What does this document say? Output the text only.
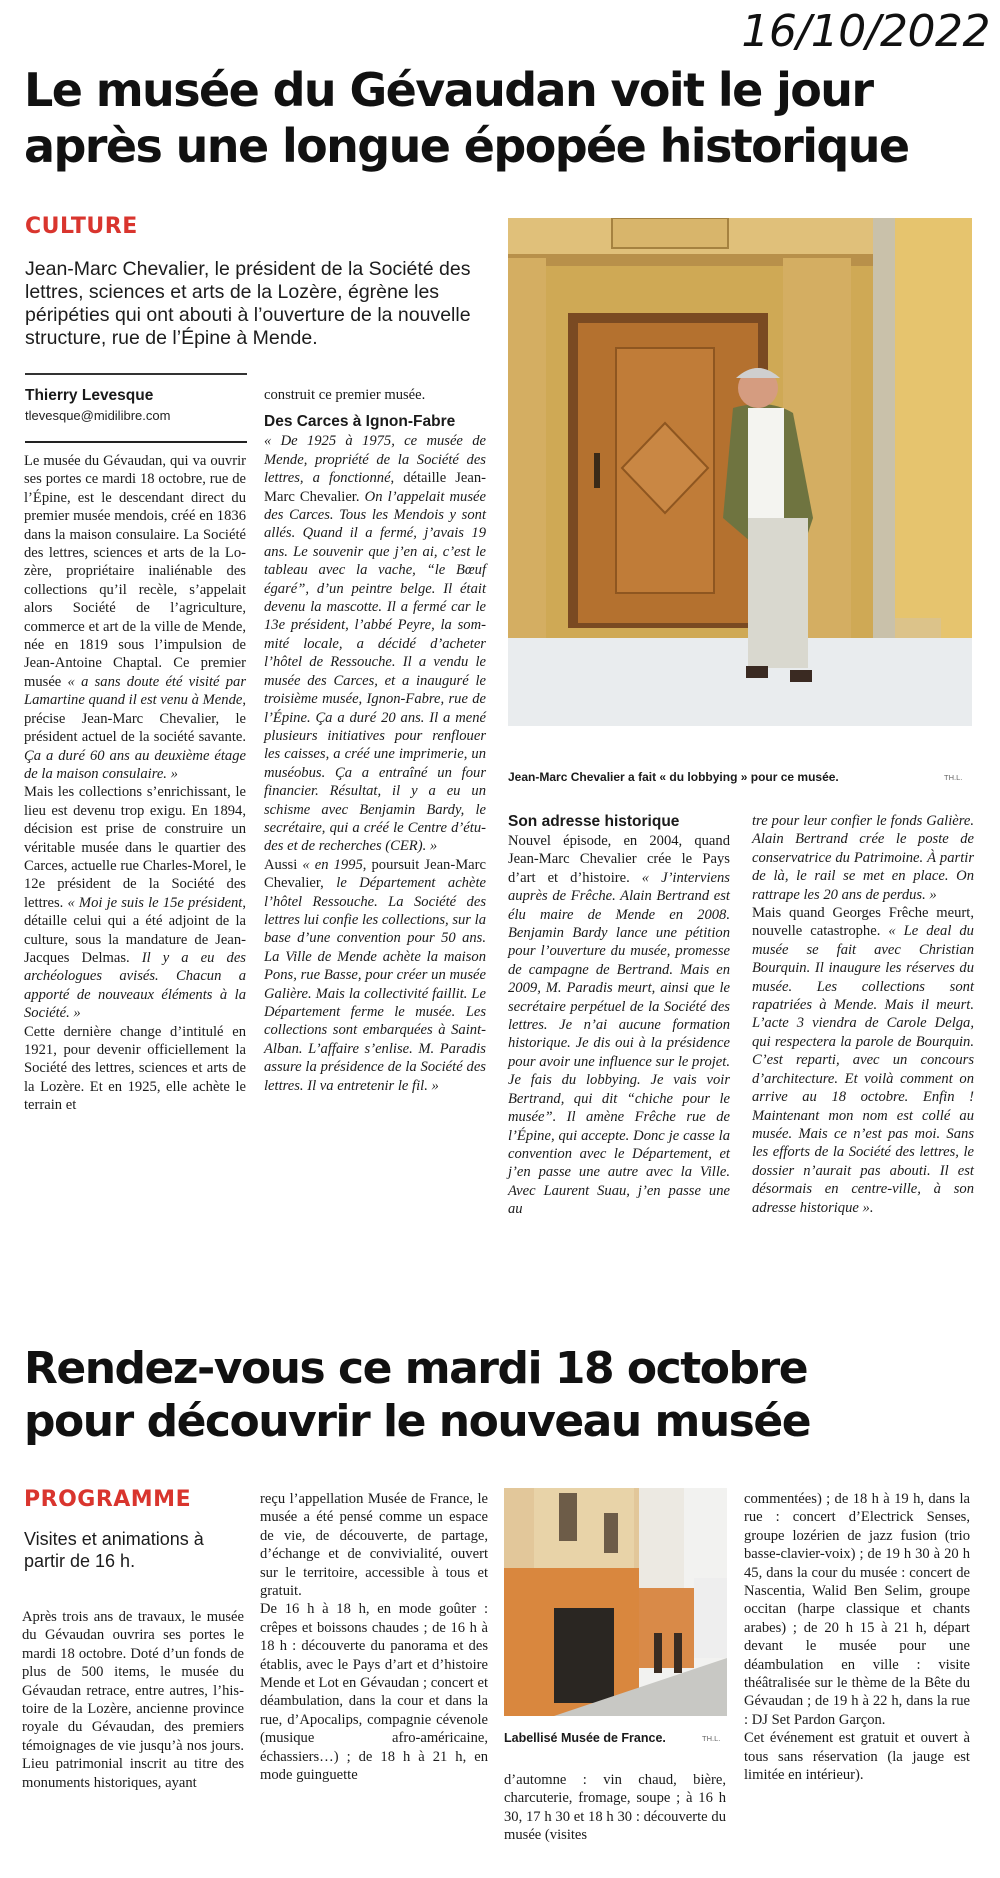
16/10/2022
Le musée du Gévaudan voit le jour
après une longue épopée historique
CULTURE

Jean-Marc Chevalier, le président de la Société des lettres, sciences et arts de la Lozère, égrène les péripéties qui ont abouti à l’ouverture de la nouvelle structure, rue de l’Épine à Mende.

Thierry Levesque
tlevesque@midilibre.com

Le musée du Gévaudan, qui va ouvrir ses portes ce mardi 18 octobre, rue de l’Épine, est le descendant direct du premier musée mendois, créé en 1836 dans la maison consulaire. La Société des lettres, sciences et arts de la Lozère, propriétaire inaliénable des collections qu’il recèle, s’appelait alors Société de l’agriculture, commerce et art de la ville de Mende, née en 1819 sous l’impulsion de Jean-Antoine Chaptal. Ce premier musée « a sans doute été visité par Lamartine quand il est venu à Mende, précise Jean-Marc Chevalier, le président actuel de la société savante. Ça a duré 60 ans au deuxième étage de la maison consulaire. »

Mais les collections s’enrichissant, le lieu est devenu trop exigu. En 1894, décision est prise de construire un véritable musée dans le quartier des Carces, actuelle rue Charles-Morel, le 12e président de la Société des lettres. « Moi je suis le 15e président, détaille celui qui a été adjoint de la culture, sous la mandature de Jean-Jacques Delmas. Il y a eu des archéologues avisés. Chacun a apporté de nouveaux éléments à la Société. »

Cette dernière change d’intitulé en 1921, pour devenir officiellement la Société des lettres, sciences et arts de la Lozère. Et en 1925, elle achète le terrain et

construit ce premier musée.

Des Carces à Ignon-Fabre

« De 1925 à 1975, ce musée de Mende, propriété de la Société des lettres, a fonctionné, détaille Jean-Marc Chevalier. On l’appelait musée des Carces. Tous les Mendois y sont allés. Quand il a fermé, j’avais 19 ans. Le souvenir que j’en ai, c’est le tableau avec la vache, “le Bœuf égaré”, d’un peintre belge. Il était devenu la mascotte. Il a fermé car le 13e président, l’abbé Peyre, la sommité locale, a décidé d’acheter l’hôtel de Ressouche. Il a vendu le musée des Carces, et a inauguré le troisième musée, Ignon-Fabre, rue de l’Épine. Ça a duré 20 ans. Il a mené plusieurs initiatives pour renflouer les caisses, a créé une imprimerie, un muséobus. Ça a entraîné un four financier. Résultat, il y a eu un schisme avec Benjamin Bardy, le secrétaire, qui a créé le Centre d’études et de recherches (CER). »

Aussi « en 1995, poursuit Jean-Marc Chevalier, le Département achète l’hôtel Ressouche. La Société des lettres lui confie les collections, sur la base d’une convention pour 50 ans. La Ville de Mende achète la maison Pons, rue Basse, pour créer un musée Galière. Mais la collectivité faillit. Le Département ferme le musée. Les collections sont embarquées à Saint-Alban. L’affaire s’enlise. M. Paradis assure la présidence de la Société des lettres. Il va entretenir le fil. »

Jean-Marc Chevalier a fait « du lobbying » pour ce musée.	TH.L.
Son adresse historique

Nouvel épisode, en 2004, quand Jean-Marc Chevalier crée le Pays d’art et d’histoire. « J’interviens auprès de Frêche. Alain Bertrand est élu maire de Mende en 2008. Benjamin Bardy lance une pétition pour l’ouverture du musée, promesse de campagne de Bertrand. Mais en 2009, M. Paradis meurt, ainsi que le secrétaire perpétuel de la Société des lettres. Je n’ai aucune formation historique. Je dis oui à la présidence pour avoir une influence sur le projet. Je fais du lobbying. Je vais voir Bertrand, qui dit “chiche pour le musée”. Il amène Frêche rue de l’Épine, qui accepte. Donc je casse la convention avec le Département, et j’en passe une autre avec la Ville. Avec Laurent Suau, j’en passe une au

tre pour leur confier le fonds Galière. Alain Bertrand crée le poste de conservatrice du Patrimoine. À partir de là, le rail se met en place. On rattrape les 20 ans de perdus. »

Mais quand Georges Frêche meurt, nouvelle catastrophe. « Le deal du musée se fait avec Christian Bourquin. Il inaugure les réserves du musée. Les collections sont rapatriées à Mende. Mais il meurt. L’acte 3 viendra de Carole Delga, qui respectera la parole de Bourquin. C’est reparti, avec un concours d’architecture. Et voilà comment on arrive au 18 octobre. Enfin ! Maintenant mon nom est collé au musée. Mais ce n’est pas moi. Sans les efforts de la Société des lettres, le dossier n’aurait pas abouti. Il est désormais en centre-ville, à son adresse historique ».

Rendez-vous ce mardi 18 octobre
pour découvrir le nouveau musée
PROGRAMME

Visites et animations à partir de 16 h.

Après trois ans de travaux, le musée du Gévaudan ouvrira ses portes le mardi 18 octobre. Doté d’un fonds de plus de 500 items, le musée du Gévaudan retrace, entre autres, l’histoire de la Lozère, ancienne province royale du Gévaudan, des premiers témoignages de vie jusqu’à nos jours. Lieu patrimonial inscrit au titre des monuments historiques, ayant

reçu l’appellation Musée de France, le musée a été pensé comme un espace de vie, de découverte, de partage, d’échange et de convivialité, ouvert sur le territoire, accessible à tous et gratuit.

De 16 h à 18 h, en mode goûter : crêpes et boissons chaudes ; de 16 h à 18 h : découverte du panorama et des établis, avec le Pays d’art et d’histoire Mende et Lot en Gévaudan ; concert et déambulation, dans la cour et dans la rue, d’Apocalips, compagnie cévenole (musique afro-américaine, échassiers…) ; de 18 h à 21 h, en mode guinguette

Labellisé Musée de France.	TH.L.

d’automne : vin chaud, bière, charcuterie, fromage, soupe ; à 16 h 30, 17 h 30 et 18 h 30 : découverte du musée (visites

commentées) ; de 18 h à 19 h, dans la rue : concert d’Electrick Senses, groupe lozérien de jazz fusion (trio basse-clavier-voix) ; de 19 h 30 à 20 h 45, dans la cour du musée : concert de Nascentia, Walid Ben Selim, groupe occitan (harpe classique et chants arabes) ; de 20 h 15 à 21 h, départ devant le musée pour une déambulation en ville : visite théâtralisée sur le thème de la Bête du Gévaudan ; de 19 h à 22 h, dans la rue : DJ Set Pardon Garçon.

Cet événement est gratuit et ouvert à tous sans réservation (la jauge est limitée en intérieur).
